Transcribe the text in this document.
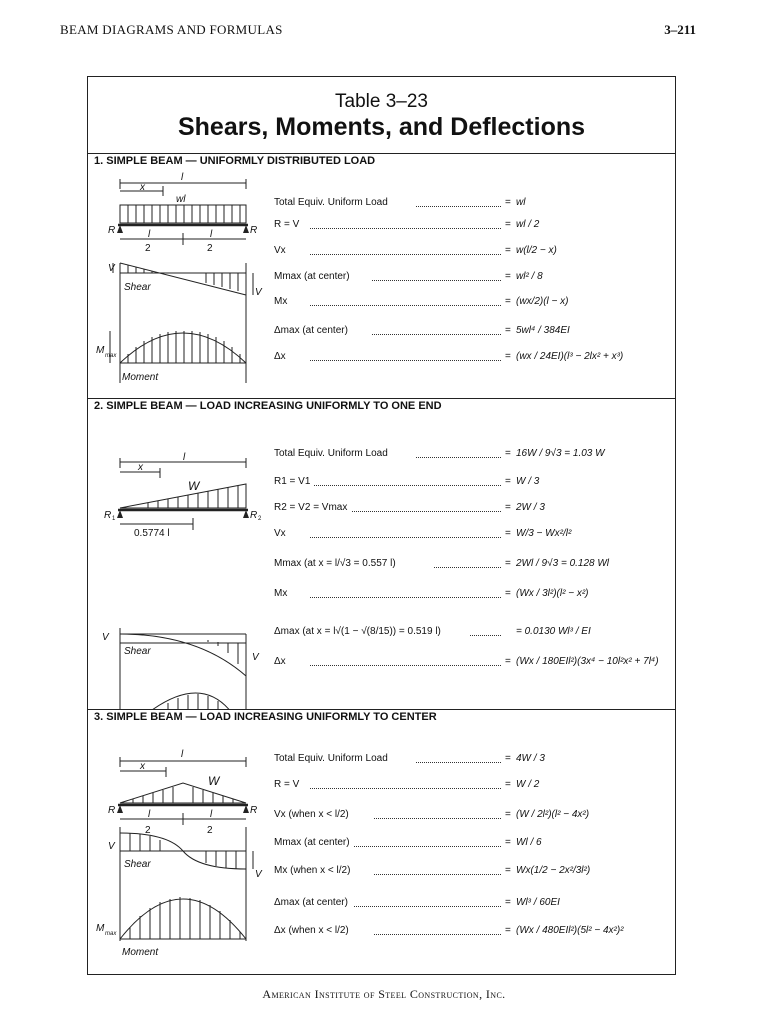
BEAM DIAGRAMS AND FORMULAS	3–211
Table 3–23
Shears, Moments, and Deflections
1. SIMPLE BEAM — UNIFORMLY DISTRIBUTED LOAD
x
l
wl
R	R
l
2
l
2
V
V
Shear
M max
Moment
Total Equiv. Uniform Load	= wl
R = V	= wl / 2
Vx	= w(l/2 − x)
Mmax (at center)	= wl² / 8
Mx	= (wx/2)(l − x)
Δmax (at center)	= 5wl⁴ / 384EI
Δx	= (wx / 24EI)(l³ − 2lx² + x³)
2. SIMPLE BEAM — LOAD INCREASING UNIFORMLY TO ONE END
x
l
W
R 1	R 2
0.5774 l
V
V
Shear
Total Equiv. Uniform Load	= 16W / 9√3 = 1.03 W
R1 = V1	= W / 3
R2 = V2 = Vmax	= 2W / 3
Vx	= W/3 − Wx²/l²
Mmax (at x = l/√3 = 0.557 l)	= 2Wl / 9√3 = 0.128 Wl
Mx	= (Wx / 3l²)(l² − x²)
Δmax (at x = l√(1 − √(8/15)) = 0.519 l)	= 0.0130 Wl³ / EI
Δx	= (Wx / 180EIl²)(3x⁴ − 10l²x² + 7l⁴)
3. SIMPLE BEAM — LOAD INCREASING UNIFORMLY TO CENTER
x
l
W
R	R
l
2
l
2
V
V
Shear
M max
Moment
Total Equiv. Uniform Load	= 4W / 3
R = V	= W / 2
Vx (when x < l/2)	= (W / 2l²)(l² − 4x²)
Mmax (at center)	= Wl / 6
Mx (when x < l/2)	= Wx(1/2 − 2x²/3l²)
Δmax (at center)	= Wl³ / 60EI
Δx (when x < l/2)	= (Wx / 480EIl²)(5l² − 4x²)²
American Institute of Steel Construction, Inc.
